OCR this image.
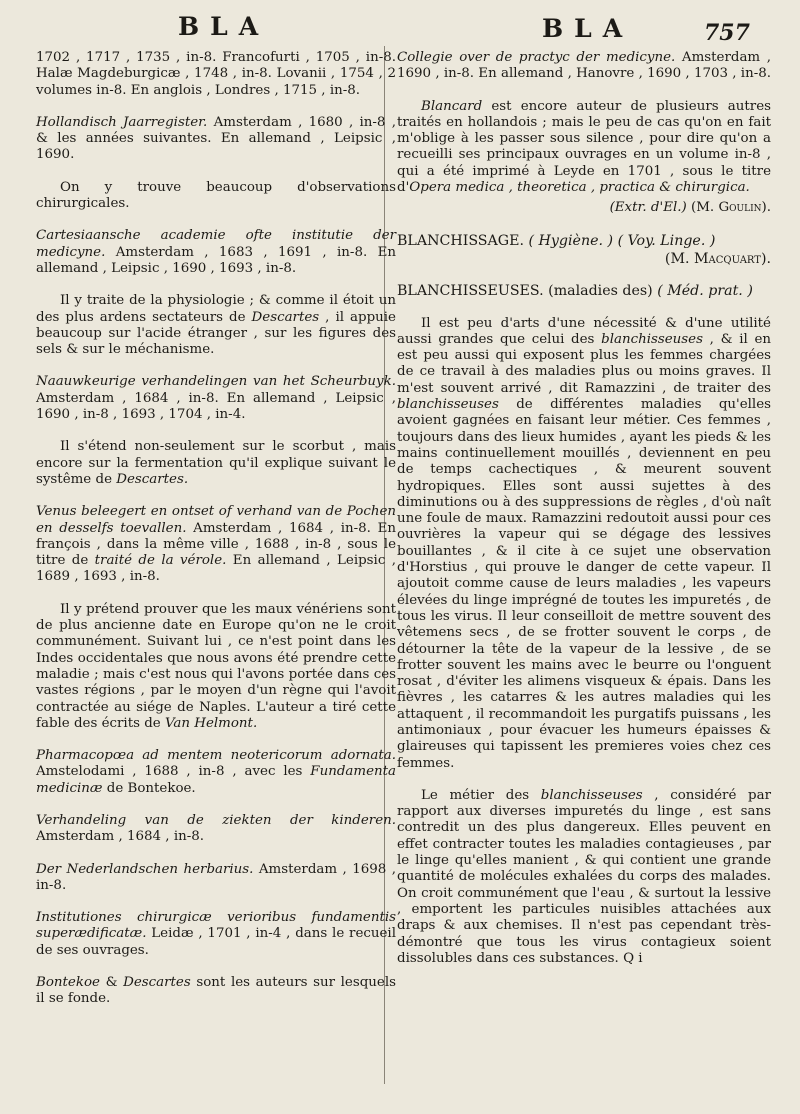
BLA	BLA	757

1702 , 1717 , 1735 , in-8. Francofurti , 1705 , in-8. Halæ Magdeburgicæ , 1748 , in-8. Lovanii , 1754 , 2 volumes in-8. En anglois , Londres , 1715 , in-8.

Hollandisch Jaarregister. Amsterdam , 1680 , in-8 , & les années suivantes. En allemand , Leipsic , 1690.

On y trouve beaucoup d'observations chirurgicales.

Cartesiaansche academie ofte institutie der medicyne. Amsterdam , 1683 , 1691 , in-8. En allemand , Leipsic , 1690 , 1693 , in-8.

Il y traite de la physiologie ; & comme il étoit un des plus ardens sectateurs de Descartes , il appuie beaucoup sur l'acide étranger , sur les figures des sels & sur le méchanisme.

Naauwkeurige verhandelingen van het Scheurbuyk. Amsterdam , 1684 , in-8. En allemand , Leipsic , 1690 , in-8 , 1693 , 1704 , in-4.

Il s'étend non-seulement sur le scorbut , mais encore sur la fermentation qu'il explique suivant le systême de Descartes.

Venus beleegert en ontset of verhand van de Pochen en desselfs toevallen. Amsterdam , 1684 , in-8. En françois , dans la même ville , 1688 , in-8 , sous le titre de traité de la vérole. En allemand , Leipsic , 1689 , 1693 , in-8.

Il y prétend prouver que les maux vénériens sont de plus ancienne date en Europe qu'on ne le croit communément. Suivant lui , ce n'est point dans les Indes occidentales que nous avons été prendre cette maladie ; mais c'est nous qui l'avons portée dans ces vastes régions , par le moyen d'un règne qui l'avoit contractée au siége de Naples. L'auteur a tiré cette fable des écrits de Van Helmont.

Pharmacopœa ad mentem neotericorum adornata. Amstelodami , 1688 , in-8 , avec les Fundamenta medicinæ de Bontekoe.

Verhandeling van de ziekten der kinderen. Amsterdam , 1684 , in-8.

Der Nederlandschen herbarius. Amsterdam , 1698 , in-8.

Institutiones chirurgicæ verioribus fundamentis superædificatæ. Leidæ , 1701 , in-4 , dans le recueil de ses ouvrages.

Bontekoe & Descartes sont les auteurs sur lesquels il se fonde.

Collegie over de practyc der medicyne. Amsterdam , 1690 , in-8. En allemand , Hanovre , 1690 , 1703 , in-8.

Blancard est encore auteur de plusieurs autres traités en hollandois ; mais le peu de cas qu'on en fait m'oblige à les passer sous silence , pour dire qu'on a recueilli ses principaux ouvrages en un volume in-8 , qui a été imprimé à Leyde en 1701 , sous le titre d'Opera medica , theoretica , practica & chirurgica.

(Extr. d'El.) (M. Goulin).

BLANCHISSAGE. ( Hygiène. ) ( Voy. Linge. )
(M. Macquart).
BLANCHISSEUSES. (maladies des) ( Méd. prat. )

Il est peu d'arts d'une nécessité & d'une utilité aussi grandes que celui des blanchisseuses , & il en est peu aussi qui exposent plus les femmes chargées de ce travail à des maladies plus ou moins graves. Il m'est souvent arrivé , dit Ramazzini , de traiter des blanchisseuses de différentes maladies qu'elles avoient gagnées en faisant leur métier. Ces femmes , toujours dans des lieux humides , ayant les pieds & les mains continuellement mouillés , deviennent en peu de temps cachectiques , & meurent souvent hydropiques. Elles sont aussi sujettes à des diminutions ou à des suppressions de règles , d'où naît une foule de maux. Ramazzini redoutoit aussi pour ces ouvrières la vapeur qui se dégage des lessives bouillantes , & il cite à ce sujet une observation d'Horstius , qui prouve le danger de cette vapeur. Il ajoutoit comme cause de leurs maladies , les vapeurs élevées du linge imprégné de toutes les impuretés , de tous les virus. Il leur conseilloit de mettre souvent des vêtemens secs , de se frotter souvent le corps , de détourner la tête de la vapeur de la lessive , de se frotter souvent les mains avec le beurre ou l'onguent rosat , d'éviter les alimens visqueux & épais. Dans les fièvres , les catarres & les autres maladies qui les attaquent , il recommandoit les purgatifs puissans , les antimoniaux , pour évacuer les humeurs épaisses & glaireuses qui tapissent les premieres voies chez ces femmes.

Le métier des blanchisseuses , considéré par rapport aux diverses impuretés du linge , est sans contredit un des plus dangereux. Elles peuvent en effet contracter toutes les maladies contagieuses , par le linge qu'elles manient , & qui contient une grande quantité de molécules exhalées du corps des malades. On croit communément que l'eau , & surtout la lessive , emportent les particules nuisibles attachées aux draps & aux chemises. Il n'est pas cependant très-démontré que tous les virus contagieux soient dissolubles dans ces substances. Q i
